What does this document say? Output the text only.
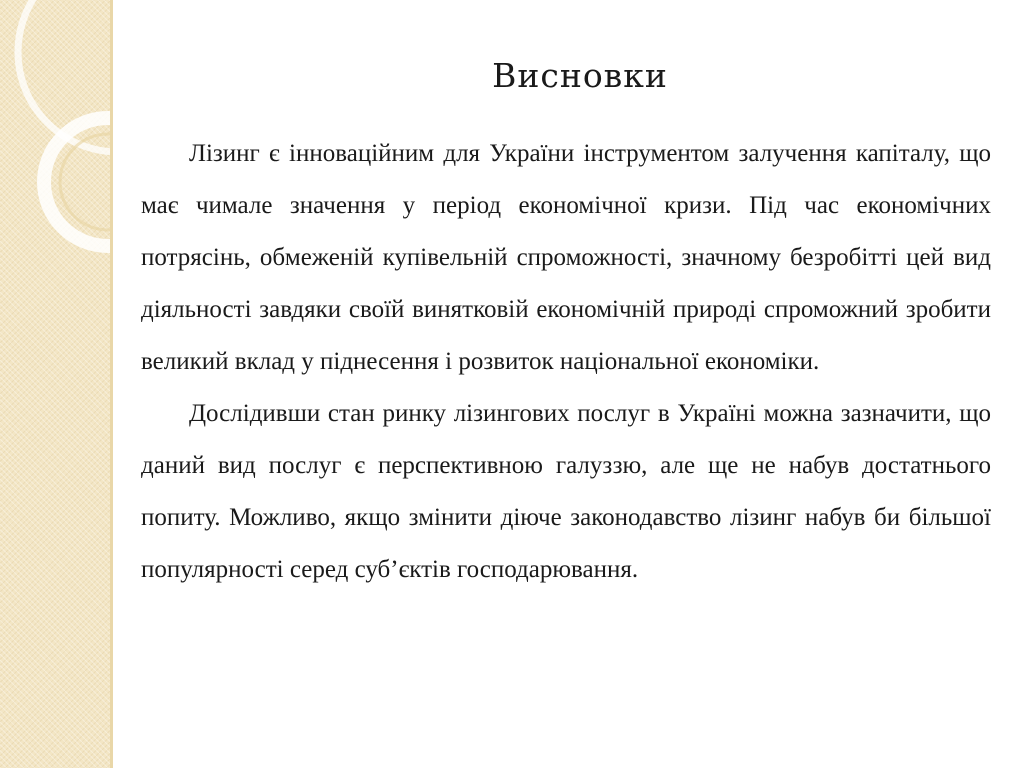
Висновки

Лізинг є інноваційним для України інструментом залучення капіталу, що має чимале значення у період економічної кризи. Під час економічних потрясінь, обмеженій купівельній спроможності, значному безробітті цей вид діяльності завдяки своїй винятковій економічній природі спроможний зробити великий вклад у піднесення і розвиток національної економіки.

Дослідивши стан ринку лізингових послуг в Україні можна зазначити, що даний вид послуг є перспективною галуззю, але ще не набув достатнього попиту. Можливо, якщо змінити діюче законодавство лізинг набув би більшої популярності серед суб’єктів господарювання.
